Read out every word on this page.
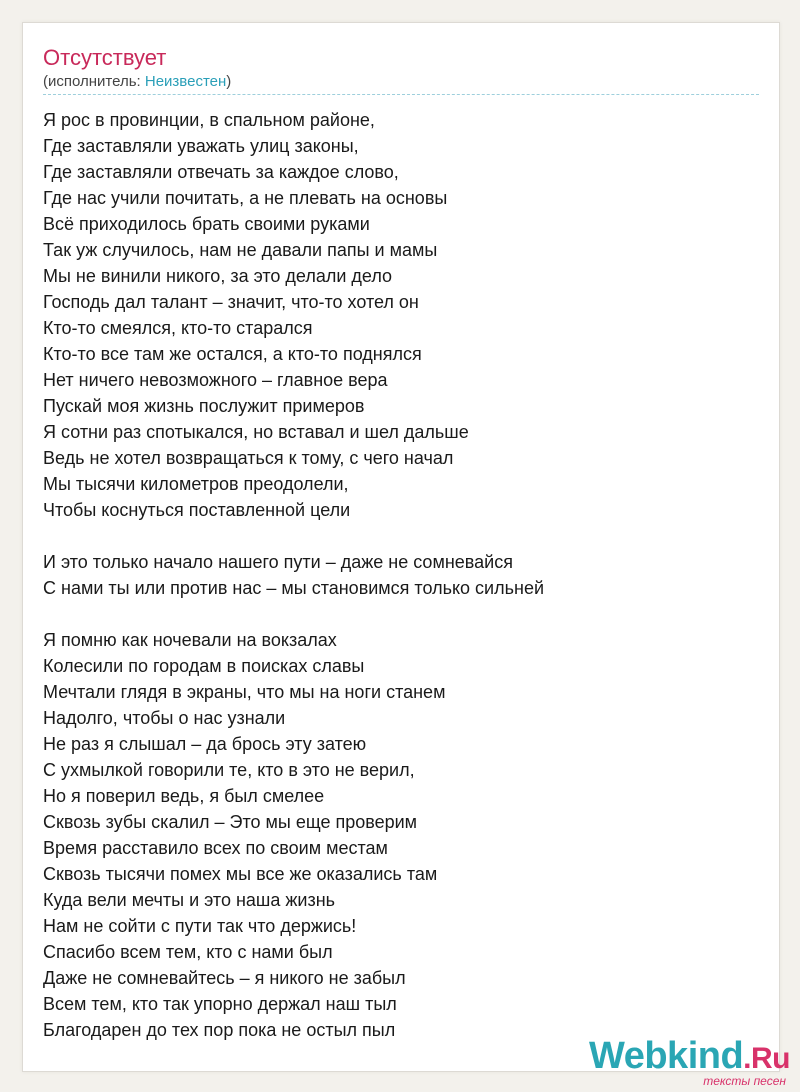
Отсутствует
(исполнитель: Неизвестен)
Я рос в провинции, в спальном районе,
Где заставляли уважать улиц законы,
Где заставляли отвечать за каждое слово,
Где нас учили почитать, а не плевать на основы
Всё приходилось брать своими руками
Так уж случилось, нам не давали папы и мамы
Мы не винили никого, за это делали дело
Господь дал талант – значит, что-то хотел он
Кто-то смеялся, кто-то старался
Кто-то все там же остался, а кто-то поднялся
Нет ничего невозможного – главное вера
Пускай моя жизнь послужит примеров
Я сотни раз спотыкался, но вставал и шел дальше
Ведь не хотел возвращаться к тому, с чего начал
Мы тысячи километров преодолели,
Чтобы коснуться поставленной цели
И это только начало нашего пути – даже не сомневайся
С нами ты или против нас – мы становимся только сильней
Я помню как ночевали на вокзалах
Колесили по городам в поисках славы
Мечтали глядя в экраны, что мы на ноги станем
Надолго, чтобы о нас узнали
Не раз я слышал – да брось эту затею
С ухмылкой говорили те, кто в это не верил,
Но я поверил ведь, я был смелее
Сквозь зубы скалил – Это мы еще проверим
Время расставило всех по своим местам
Сквозь тысячи помех мы все же оказались там
Куда вели мечты и это наша жизнь
Нам не сойти с пути так что держись!
Спасибо всем тем, кто с нами был
Даже не сомневайтесь – я никого не забыл
Всем тем, кто так упорно держал наш тыл
Благодарен до тех пор пока не остыл пыл
Webkind.Ru
тексты песен
